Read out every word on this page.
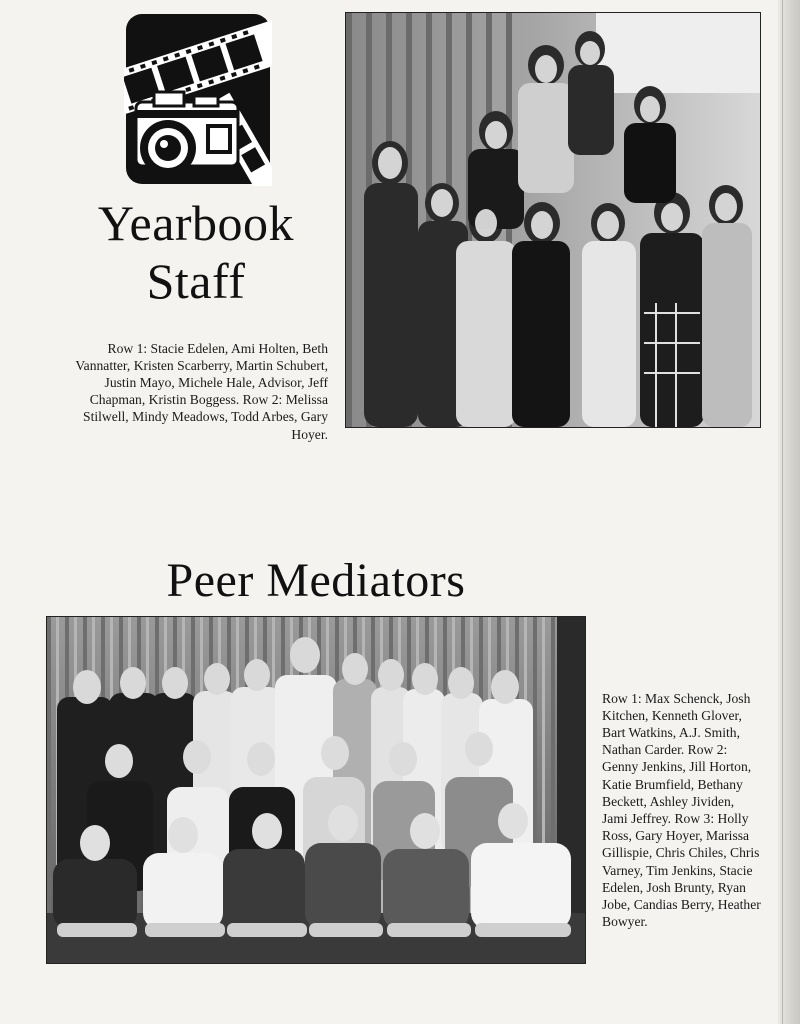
Yearbook
Staff

Row 1: Stacie Edelen, Ami Holten, Beth Vannatter, Kristen Scarberry, Martin Schubert, Justin Mayo, Michele Hale, Advisor, Jeff Chapman, Kristin Boggess. Row 2: Melissa Stilwell, Mindy Meadows, Todd Arbes, Gary Hoyer.

Peer Mediators

Row 1: Max Schenck, Josh Kitchen, Kenneth Glover, Bart Watkins, A.J. Smith, Nathan Carder. Row 2: Genny Jenkins, Jill Horton, Katie Brumfield, Bethany Beckett, Ashley Jividen, Jami Jeffrey. Row 3: Holly Ross, Gary Hoyer, Marissa Gillispie, Chris Chiles, Chris Varney, Tim Jenkins, Stacie Edelen, Josh Brunty, Ryan Jobe, Candias Berry, Heather Bowyer.
